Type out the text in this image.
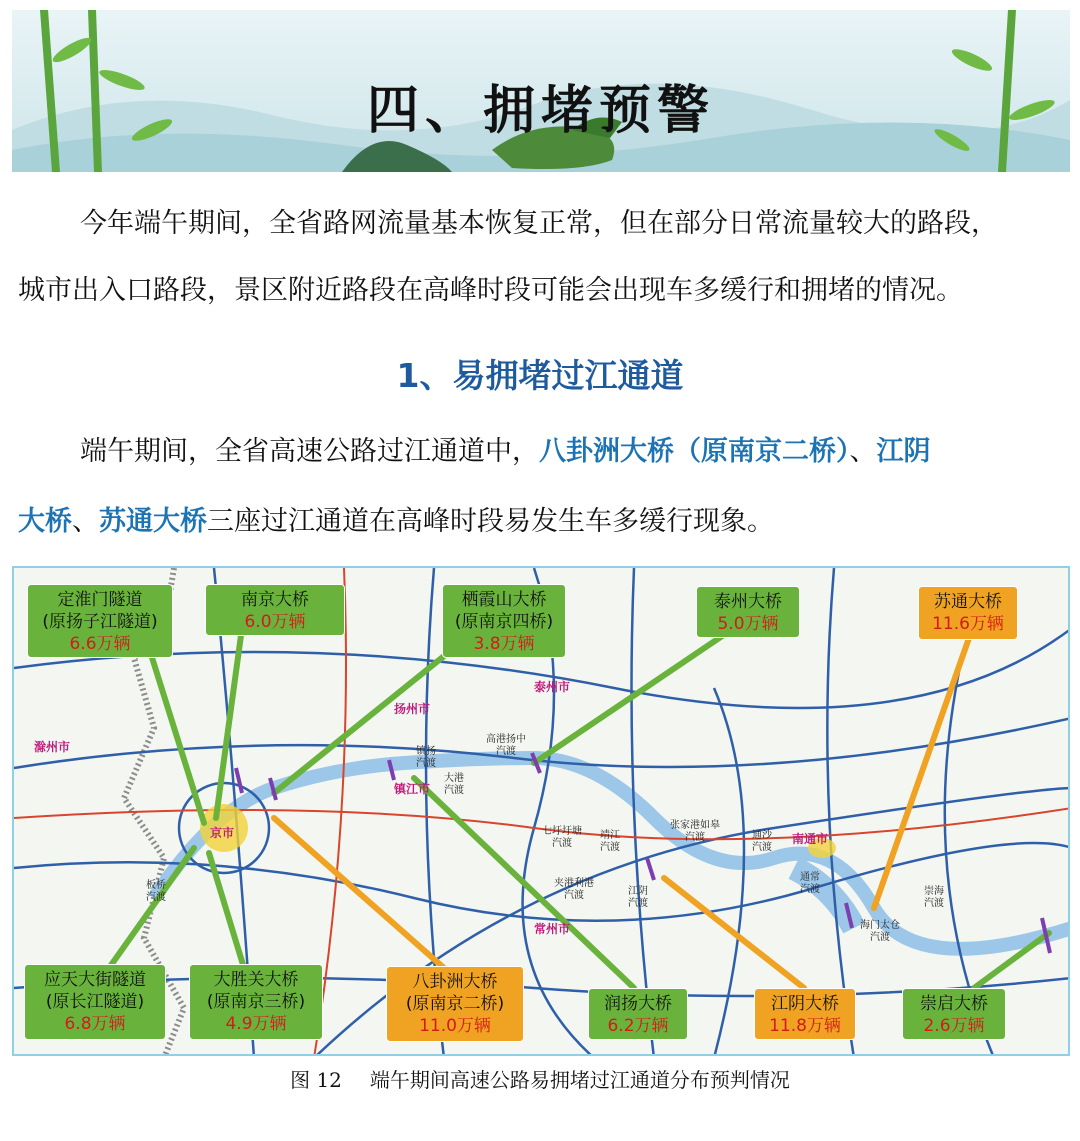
四、拥堵预警
今年端午期间，全省路网流量基本恢复正常，但在部分日常流量较大的路段，
城市出入口路段，景区附近路段在高峰时段可能会出现车多缓行和拥堵的情况。
1、易拥堵过江通道
端午期间，全省高速公路过江通道中，八卦洲大桥（原南京二桥）、江阴
大桥、苏通大桥三座过江通道在高峰时段易发生车多缓行现象。
滁州市
扬州市
泰州市
镇江市
南通市
京市
常州市
镇扬
汽渡
大港
汽渡
高港扬中
汽渡
七圩圩塘
汽渡
靖江
汽渡
张家港如皋
汽渡	通沙
汽渡
夹港利港
汽渡	江阴
汽渡
通常
汽渡
海门太仓
汽渡
崇海
汽渡
板桥
汽渡
定淮门隧道
(原扬子江隧道)
6.6万辆
南京大桥
6.0万辆
栖霞山大桥
(原南京四桥)
3.8万辆
泰州大桥
5.0万辆
苏通大桥
11.6万辆
应天大街隧道
(原长江隧道)
6.8万辆
大胜关大桥
(原南京三桥)
4.9万辆
八卦洲大桥
(原南京二桥)
11.0万辆
润扬大桥
6.2万辆
江阴大桥
11.8万辆
崇启大桥
2.6万辆
图 12 端午期间高速公路易拥堵过江通道分布预判情况
